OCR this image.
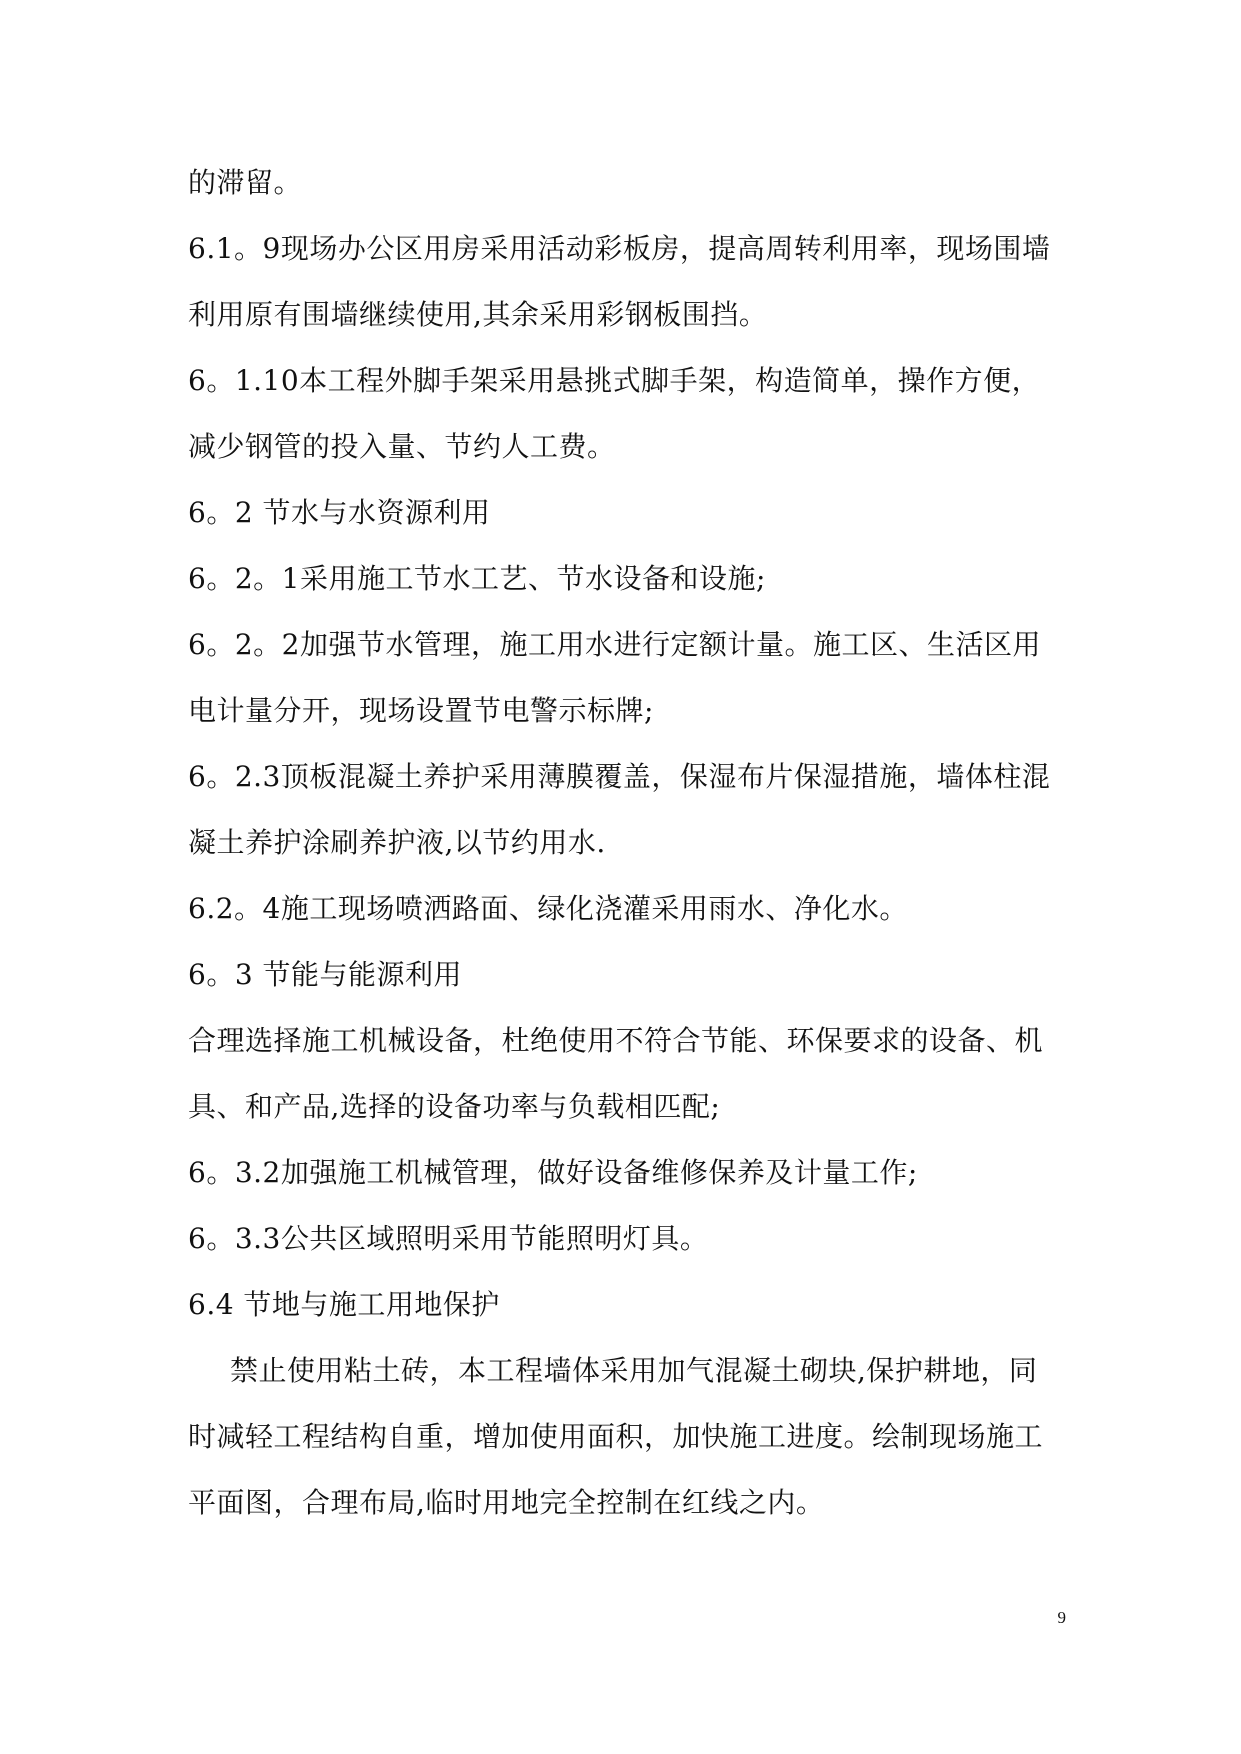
的滞留。
6.1。9现场办公区用房采用活动彩板房，提高周转利用率，现场围墙
利用原有围墙继续使用,其余采用彩钢板围挡。
6。1.10本工程外脚手架采用悬挑式脚手架，构造简单，操作方便，
减少钢管的投入量、节约人工费。
6。2 节水与水资源利用
6。2。1采用施工节水工艺、节水设备和设施;
6。2。2加强节水管理，施工用水进行定额计量。施工区、生活区用
电计量分开，现场设置节电警示标牌;
6。2.3顶板混凝土养护采用薄膜覆盖，保湿布片保湿措施，墙体柱混
凝土养护涂刷养护液,以节约用水.
6.2。4施工现场喷洒路面、绿化浇灌采用雨水、净化水。
6。3 节能与能源利用
合理选择施工机械设备，杜绝使用不符合节能、环保要求的设备、机
具、和产品,选择的设备功率与负载相匹配;
6。3.2加强施工机械管理，做好设备维修保养及计量工作;
6。3.3公共区域照明采用节能照明灯具。
6.4 节地与施工用地保护
禁止使用粘土砖，本工程墙体采用加气混凝土砌块,保护耕地，同
时减轻工程结构自重，增加使用面积，加快施工进度。绘制现场施工
平面图，合理布局,临时用地完全控制在红线之内。
9
